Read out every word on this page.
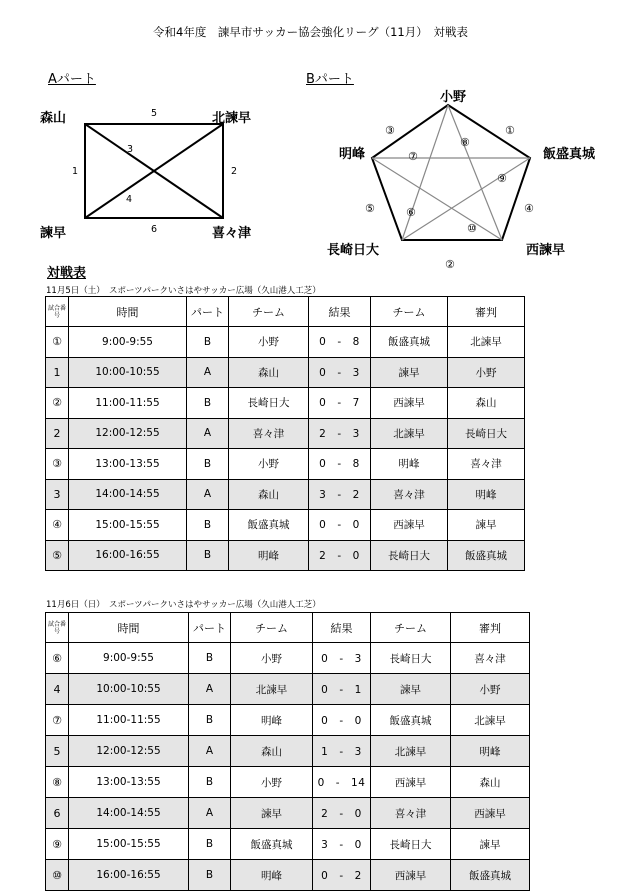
令和4年度　諫早市サッカー協会強化リーグ（11月）　対戦表
Aパート
森山	北諫早
諫早	喜々津
5
1	2
6
3
4
Bパート
小野
飯盛真城
明峰
長崎日大	西諫早
①
②
③
④
⑤	⑥
⑦
⑧
⑨
⑩
対戦表
11月5日（土）　スポーツパークいさはやサッカー広場（久山港人工芝）
試合番号	時間	パート	チーム	結果	チーム	審判
①	9:00-9:55	B	小野	0　-　8	飯盛真城	北諫早
1	10:00-10:55	A	森山	0　-　3	諫早	小野
②	11:00-11:55	B	長崎日大	0　-　7	西諫早	森山
2	12:00-12:55	A	喜々津	2　-　3	北諫早	長崎日大
③	13:00-13:55	B	小野	0　-　8	明峰	喜々津
3	14:00-14:55	A	森山	3　-　2	喜々津	明峰
④	15:00-15:55	B	飯盛真城	0　-　0	西諫早	諫早
⑤	16:00-16:55	B	明峰	2　-　0	長崎日大	飯盛真城
11月6日（日）　スポーツパークいさはやサッカー広場（久山港人工芝）
試合番号	時間	パート	チーム	結果	チーム	審判
⑥	9:00-9:55	B	小野	0　-　3	長崎日大	喜々津
4	10:00-10:55	A	北諫早	0　-　1	諫早	小野
⑦	11:00-11:55	B	明峰	0　-　0	飯盛真城	北諫早
5	12:00-12:55	A	森山	1　-　3	北諫早	明峰
⑧	13:00-13:55	B	小野	0　-　14	西諫早	森山
6	14:00-14:55	A	諫早	2　-　0	喜々津	西諫早
⑨	15:00-15:55	B	飯盛真城	3　-　0	長崎日大	諫早
⑩	16:00-16:55	B	明峰	0　-　2	西諫早	飯盛真城
